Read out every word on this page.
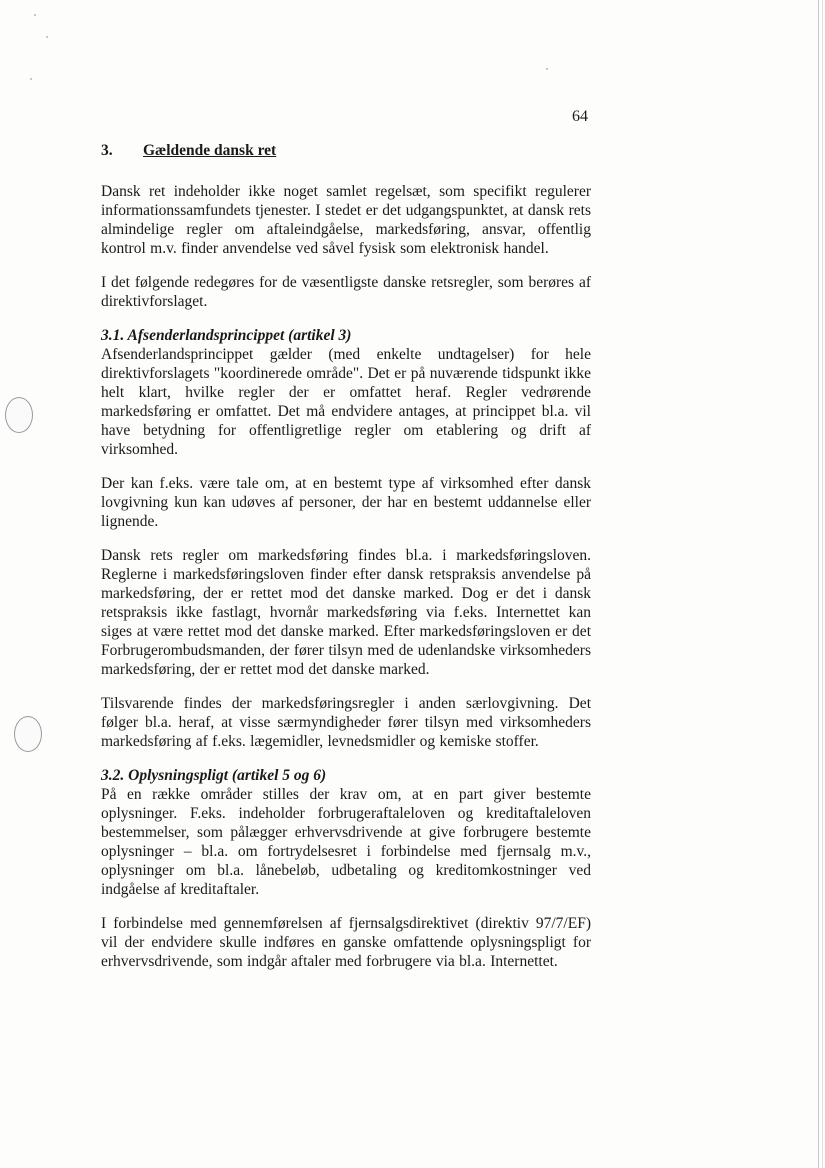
64
3.	Gældende dansk ret

Dansk ret indeholder ikke noget samlet regelsæt, som specifikt regulerer informationssamfundets tjenester. I stedet er det udgangspunktet, at dansk rets almindelige regler om aftaleindgåelse, markedsføring, ansvar, offentlig kontrol m.v. finder anvendelse ved såvel fysisk som elektronisk handel.

I det følgende redegøres for de væsentligste danske retsregler, som berøres af direktivforslaget.

3.1. Afsenderlandsprincippet (artikel 3)

Afsenderlandsprincippet gælder (med enkelte undtagelser) for hele direktivforslagets "koordinerede område". Det er på nuværende tidspunkt ikke helt klart, hvilke regler der er omfattet heraf. Regler vedrørende markedsføring er omfattet. Det må endvidere antages, at princippet bl.a. vil have betydning for offentligretlige regler om etablering og drift af virksomhed.

Der kan f.eks. være tale om, at en bestemt type af virksomhed efter dansk lovgivning kun kan udøves af personer, der har en bestemt uddannelse eller lignende.

Dansk rets regler om markedsføring findes bl.a. i markedsføringsloven. Reglerne i markedsføringsloven finder efter dansk retspraksis anvendelse på markedsføring, der er rettet mod det danske marked. Dog er det i dansk retspraksis ikke fastlagt, hvornår markedsføring via f.eks. Internettet kan siges at være rettet mod det danske marked. Efter markedsføringsloven er det Forbrugerombudsmanden, der fører tilsyn med de udenlandske virksomheders markedsføring, der er rettet mod det danske marked.

Tilsvarende findes der markedsføringsregler i anden særlovgivning. Det følger bl.a. heraf, at visse særmyndigheder fører tilsyn med virksomheders markedsføring af f.eks. lægemidler, levnedsmidler og kemiske stoffer.

3.2. Oplysningspligt (artikel 5 og 6)

På en række områder stilles der krav om, at en part giver bestemte oplysninger. F.eks. indeholder forbrugeraftaleloven og kreditaftaleloven bestemmelser, som pålægger erhvervsdrivende at give forbrugere bestemte oplysninger – bl.a. om fortrydelsesret i forbindelse med fjernsalg m.v., oplysninger om bl.a. lånebeløb, udbetaling og kreditomkostninger ved indgåelse af kreditaftaler.

I forbindelse med gennemførelsen af fjernsalgsdirektivet (direktiv 97/7/EF) vil der endvidere skulle indføres en ganske omfattende oplysningspligt for erhvervsdrivende, som indgår aftaler med forbrugere via bl.a. Internettet.
